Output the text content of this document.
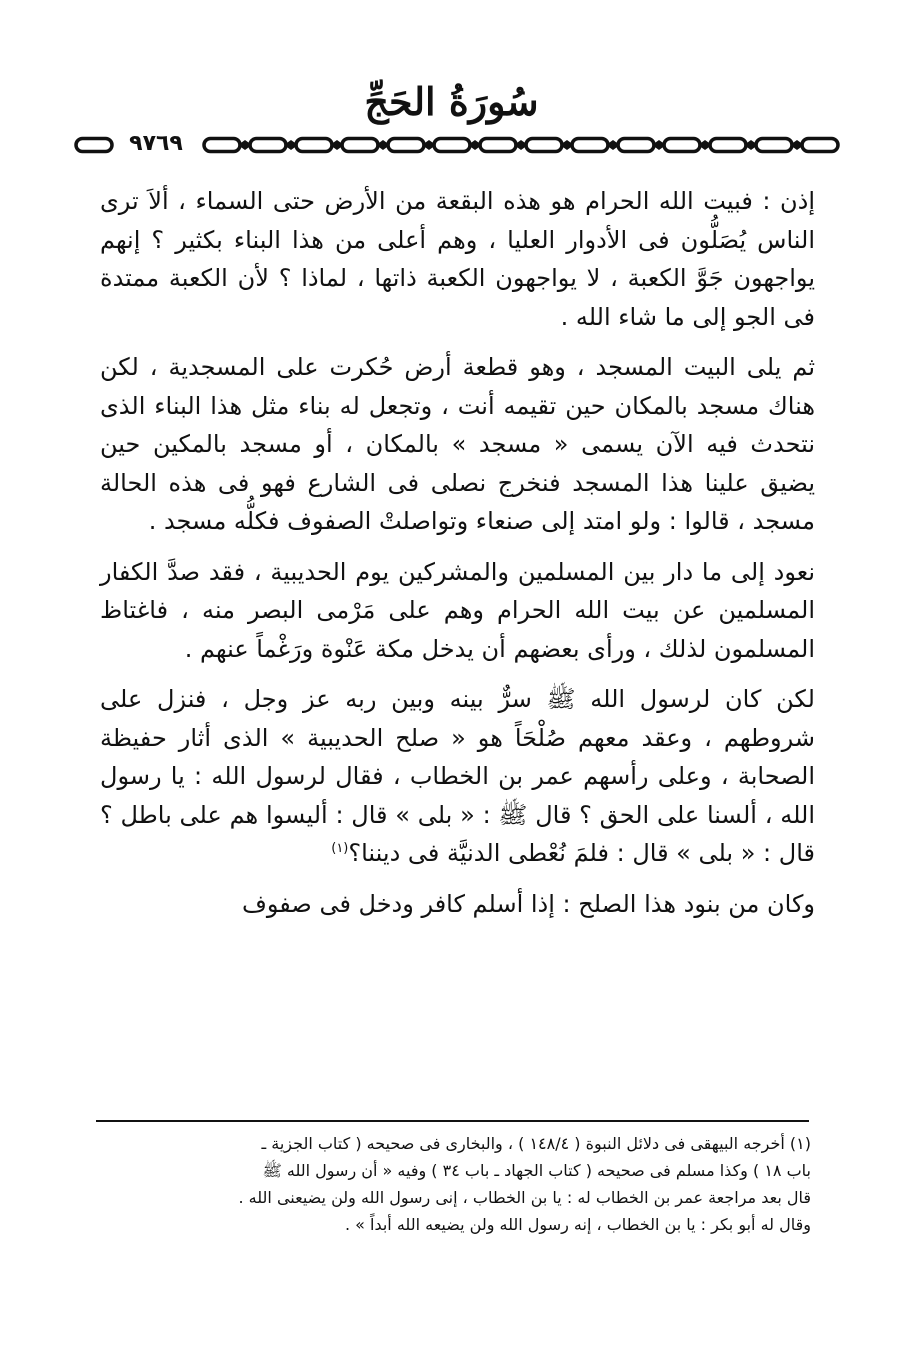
سُورَةُ الحَجِّ
٩٧٦٩

إذن : فبيت الله الحرام هو هذه البقعة من الأرض حتى السماء ، ألاَ ترى الناس يُصَلُّون فى الأدوار العليا ، وهم أعلى من هذا البناء بكثير ؟ إنهم يواجهون جَوَّ الكعبة ، لا يواجهون الكعبة ذاتها ، لماذا ؟ لأن الكعبة ممتدة فى الجو إلى ما شاء الله .

ثم يلى البيت المسجد ، وهو قطعة أرض حُكرت على المسجدية ، لكن هناك مسجد بالمكان حين تقيمه أنت ، وتجعل له بناء مثل هذا البناء الذى نتحدث فيه الآن يسمى « مسجد » بالمكان ، أو مسجد بالمكين حين يضيق علينا هذا المسجد فنخرج نصلى فى الشارع فهو فى هذه الحالة مسجد ، قالوا : ولو امتد إلى صنعاء وتواصلتْ الصفوف فكلُّه مسجد .

نعود إلى ما دار بين المسلمين والمشركين يوم الحديبية ، فقد صدَّ الكفار المسلمين عن بيت الله الحرام وهم على مَرْمى البصر منه ، فاغتاظ المسلمون لذلك ، ورأى بعضهم أن يدخل مكة عَنْوة ورَغْماً عنهم .

لكن كان لرسول الله ﷺ سرٌّ بينه وبين ربه عز وجل ، فنزل على شروطهم ، وعقد معهم صُلْحَاً هو « صلح الحديبية » الذى أثار حفيظة الصحابة ، وعلى رأسهم عمر بن الخطاب ، فقال لرسول الله : يا رسول الله ، ألسنا على الحق ؟ قال ﷺ : « بلى » قال : أليسوا هم على باطل ؟ قال : « بلى » قال : فلمَ نُعْطى الدنيَّة فى ديننا؟$^{(١)}$

وكان من بنود هذا الصلح : إذا أسلم كافر ودخل فى صفوف

(١) أخرجه البيهقى فى دلائل النبوة ( ١٤٨/٤ ) ، والبخارى فى صحيحه ( كتاب الجزية ـ

باب ١٨ ) وكذا مسلم فى صحيحه ( كتاب الجهاد ـ باب ٣٤ ) وفيه « أن رسول الله ﷺ

قال بعد مراجعة عمر بن الخطاب له : يا بن الخطاب ، إنى رسول الله ولن يضيعنى الله .

وقال له أبو بكر : يا بن الخطاب ، إنه رسول الله ولن يضيعه الله أبداً » .
